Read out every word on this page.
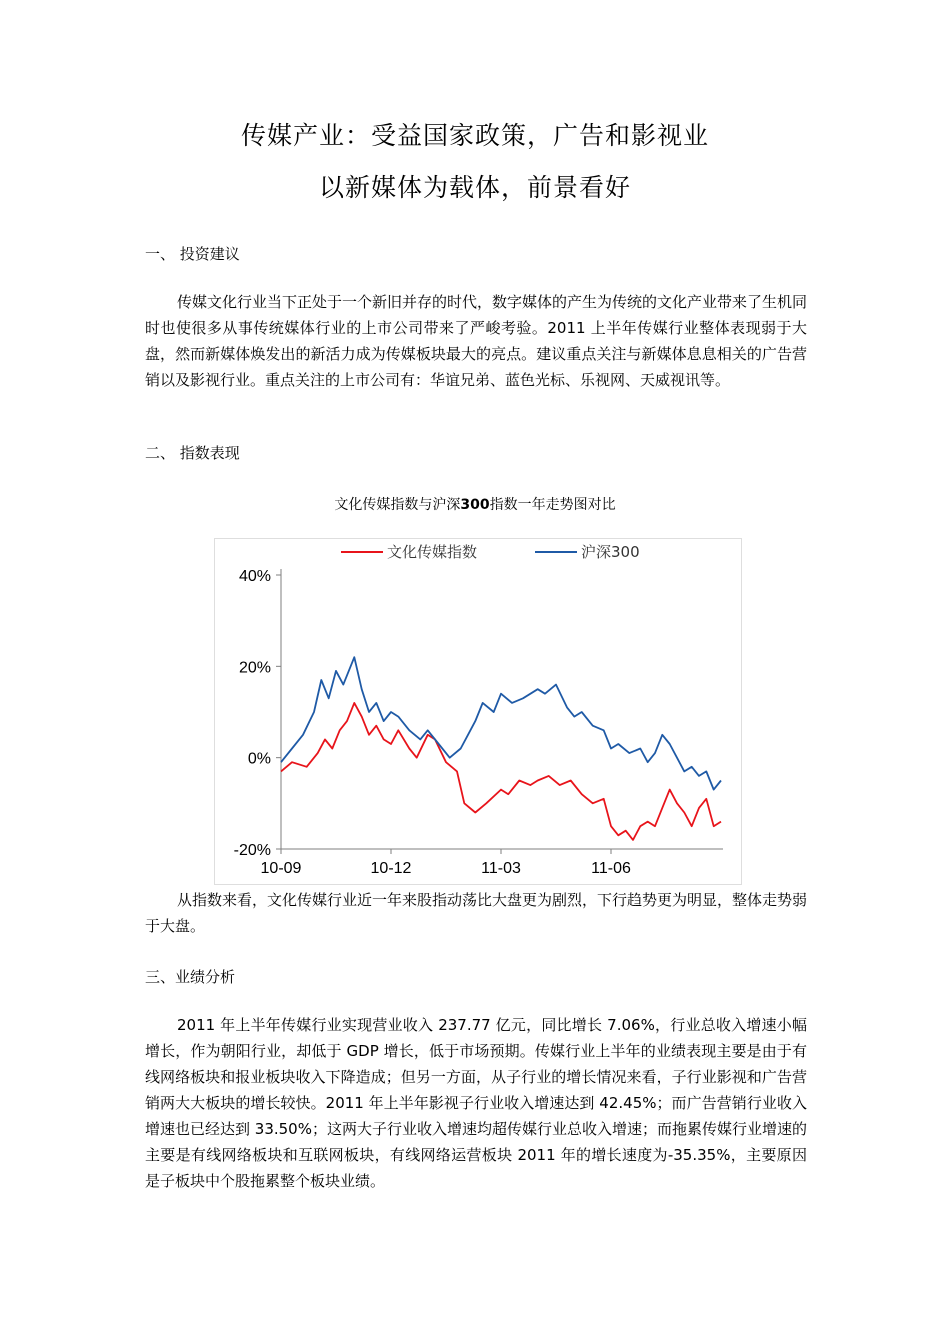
传媒产业：受益国家政策，广告和影视业
以新媒体为载体，前景看好
一、 投资建议

传媒文化行业当下正处于一个新旧并存的时代，数字媒体的产生为传统的文化产业带来了生机同时也使很多从事传统媒体行业的上市公司带来了严峻考验。2011 上半年传媒行业整体表现弱于大盘，然而新媒体焕发出的新活力成为传媒板块最大的亮点。建议重点关注与新媒体息息相关的广告营销以及影视行业。重点关注的上市公司有：华谊兄弟、蓝色光标、乐视网、天威视讯等。

二、 指数表现
文化传媒指数与沪深300指数一年走势图对比
40%
20%
0%
-20%
10-09	10-12	11-03	11-06
文化传媒指数	沪深300

从指数来看，文化传媒行业近一年来股指动荡比大盘更为剧烈，下行趋势更为明显，整体走势弱于大盘。

三、业绩分析

2011 年上半年传媒行业实现营业收入 237.77 亿元，同比增长 7.06%，行业总收入增速小幅增长，作为朝阳行业，却低于 GDP 增长，低于市场预期。传媒行业上半年的业绩表现主要是由于有线网络板块和报业板块收入下降造成；但另一方面，从子行业的增长情况来看，子行业影视和广告营销两大大板块的增长较快。2011 年上半年影视子行业收入增速达到 42.45%；而广告营销行业收入增速也已经达到 33.50%；这两大子行业收入增速均超传媒行业总收入增速；而拖累传媒行业增速的主要是有线网络板块和互联网板块，有线网络运营板块 2011 年的增长速度为-35.35%，主要原因是子板块中个股拖累整个板块业绩。
